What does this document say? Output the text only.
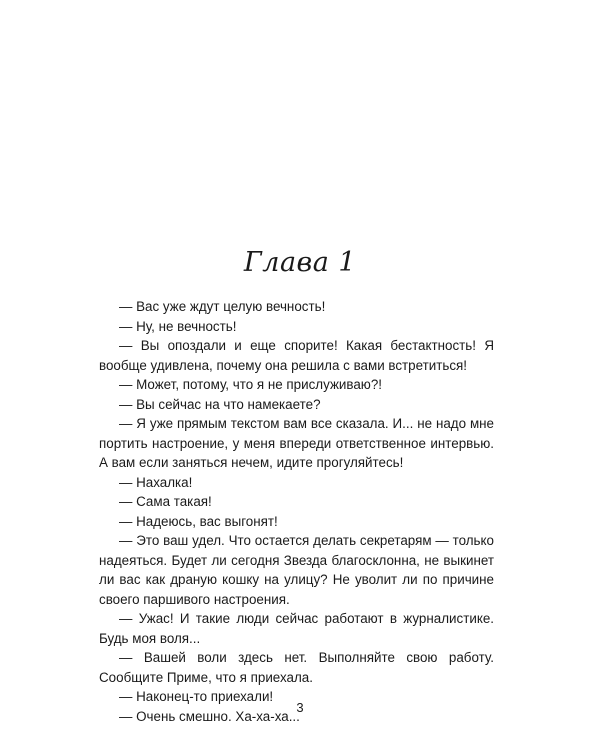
Глава 1

— Вас уже ждут целую вечность!

— Ну, не вечность!

— Вы опоздали и еще спорите! Какая бестактность! Я вообще удивлена, почему она решила с вами встретиться!

— Может, потому, что я не прислуживаю?!

— Вы сейчас на что намекаете?

— Я уже прямым текстом вам все сказала. И... не надо мне портить настроение, у меня впереди ответственное интервью. А вам если заняться нечем, идите прогуляйтесь!

— Нахалка!

— Сама такая!

— Надеюсь, вас выгонят!

— Это ваш удел. Что остается делать секретарям — только надеяться. Будет ли сегодня Звезда благосклонна, не выкинет ли вас как драную кошку на улицу? Не уволит ли по причине своего паршивого настроения.

— Ужас! И такие люди сейчас работают в журналистике. Будь моя воля...

— Вашей воли здесь нет. Выполняйте свою работу. Сообщите Приме, что я приехала.

— Наконец-то приехали!

— Очень смешно. Ха-ха-ха...

3
